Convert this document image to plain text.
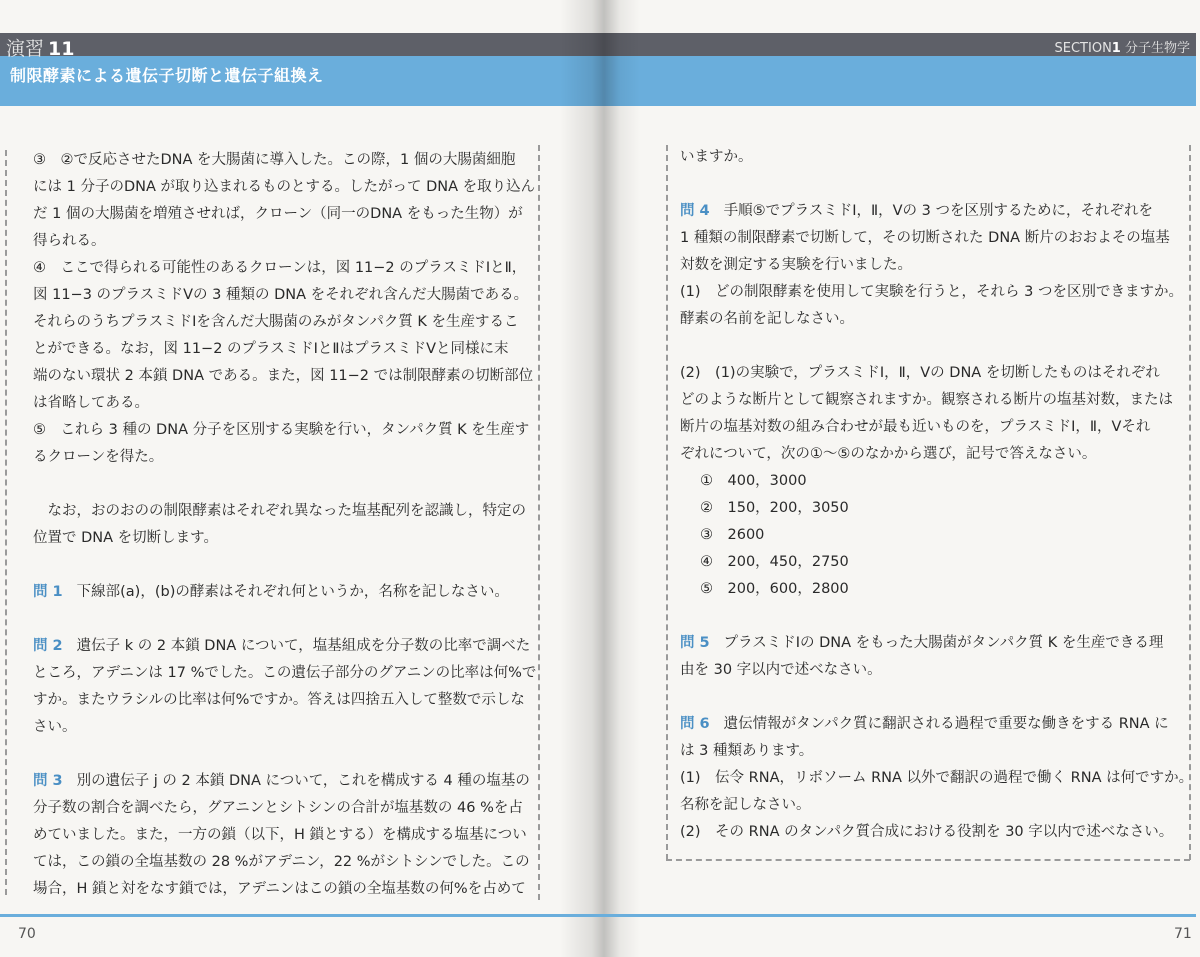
演習 11
制限酵素による遺伝子切断と遺伝子組換え
SECTION1 分子生物学
③　②で反応させたDNA を大腸菌に導入した。この際，1 個の大腸菌細胞
には 1 分子のDNA が取り込まれるものとする。したがって DNA を取り込ん
だ 1 個の大腸菌を増殖させれば，クローン（同一のDNA をもった生物）が
得られる。
④　ここで得られる可能性のあるクローンは，図 11−2 のプラスミドⅠとⅡ，
図 11−3 のプラスミドⅤの 3 種類の DNA をそれぞれ含んだ大腸菌である。
それらのうちプラスミドⅠを含んだ大腸菌のみがタンパク質 K を生産するこ
とができる。なお，図 11−2 のプラスミドⅠとⅡはプラスミドⅤと同様に末
端のない環状 2 本鎖 DNA である。また，図 11−2 では制限酵素の切断部位
は省略してある。
⑤　これら 3 種の DNA 分子を区別する実験を行い，タンパク質 K を生産す
るクローンを得た。
　なお，おのおのの制限酵素はそれぞれ異なった塩基配列を認識し，特定の
位置で DNA を切断します。
問 1 下線部(a)，(b)の酵素はそれぞれ何というか，名称を記しなさい。
問 2 遺伝子 k の 2 本鎖 DNA について，塩基組成を分子数の比率で調べた
ところ，アデニンは 17 %でした。この遺伝子部分のグアニンの比率は何%で
すか。またウラシルの比率は何%ですか。答えは四捨五入して整数で示しな
さい。
問 3 別の遺伝子 j の 2 本鎖 DNA について，これを構成する 4 種の塩基の
分子数の割合を調べたら，グアニンとシトシンの合計が塩基数の 46 %を占
めていました。また，一方の鎖（以下，H 鎖とする）を構成する塩基につい
ては，この鎖の全塩基数の 28 %がアデニン，22 %がシトシンでした。この
場合，H 鎖と対をなす鎖では，アデニンはこの鎖の全塩基数の何%を占めて
いますか。
問 4 手順⑤でプラスミドⅠ，Ⅱ，Ⅴの 3 つを区別するために，それぞれを
1 種類の制限酵素で切断して，その切断された DNA 断片のおおよその塩基
対数を測定する実験を行いました。
(1)　どの制限酵素を使用して実験を行うと，それら 3 つを区別できますか。
酵素の名前を記しなさい。
(2)　(1)の実験で，プラスミドⅠ，Ⅱ，Ⅴの DNA を切断したものはそれぞれ
どのような断片として観察されますか。観察される断片の塩基対数，または
断片の塩基対数の組み合わせが最も近いものを，プラスミドⅠ，Ⅱ，Ⅴそれ
ぞれについて，次の①〜⑤のなかから選び，記号で答えなさい。
①　400，3000
②　150，200，3050
③　2600
④　200，450，2750
⑤　200，600，2800
問 5 プラスミドⅠの DNA をもった大腸菌がタンパク質 K を生産できる理
由を 30 字以内で述べなさい。
問 6 遺伝情報がタンパク質に翻訳される過程で重要な働きをする RNA に
は 3 種類あります。
(1)　伝令 RNA，リボソーム RNA 以外で翻訳の過程で働く RNA は何ですか。
名称を記しなさい。
(2)　その RNA のタンパク質合成における役割を 30 字以内で述べなさい。
70	71
